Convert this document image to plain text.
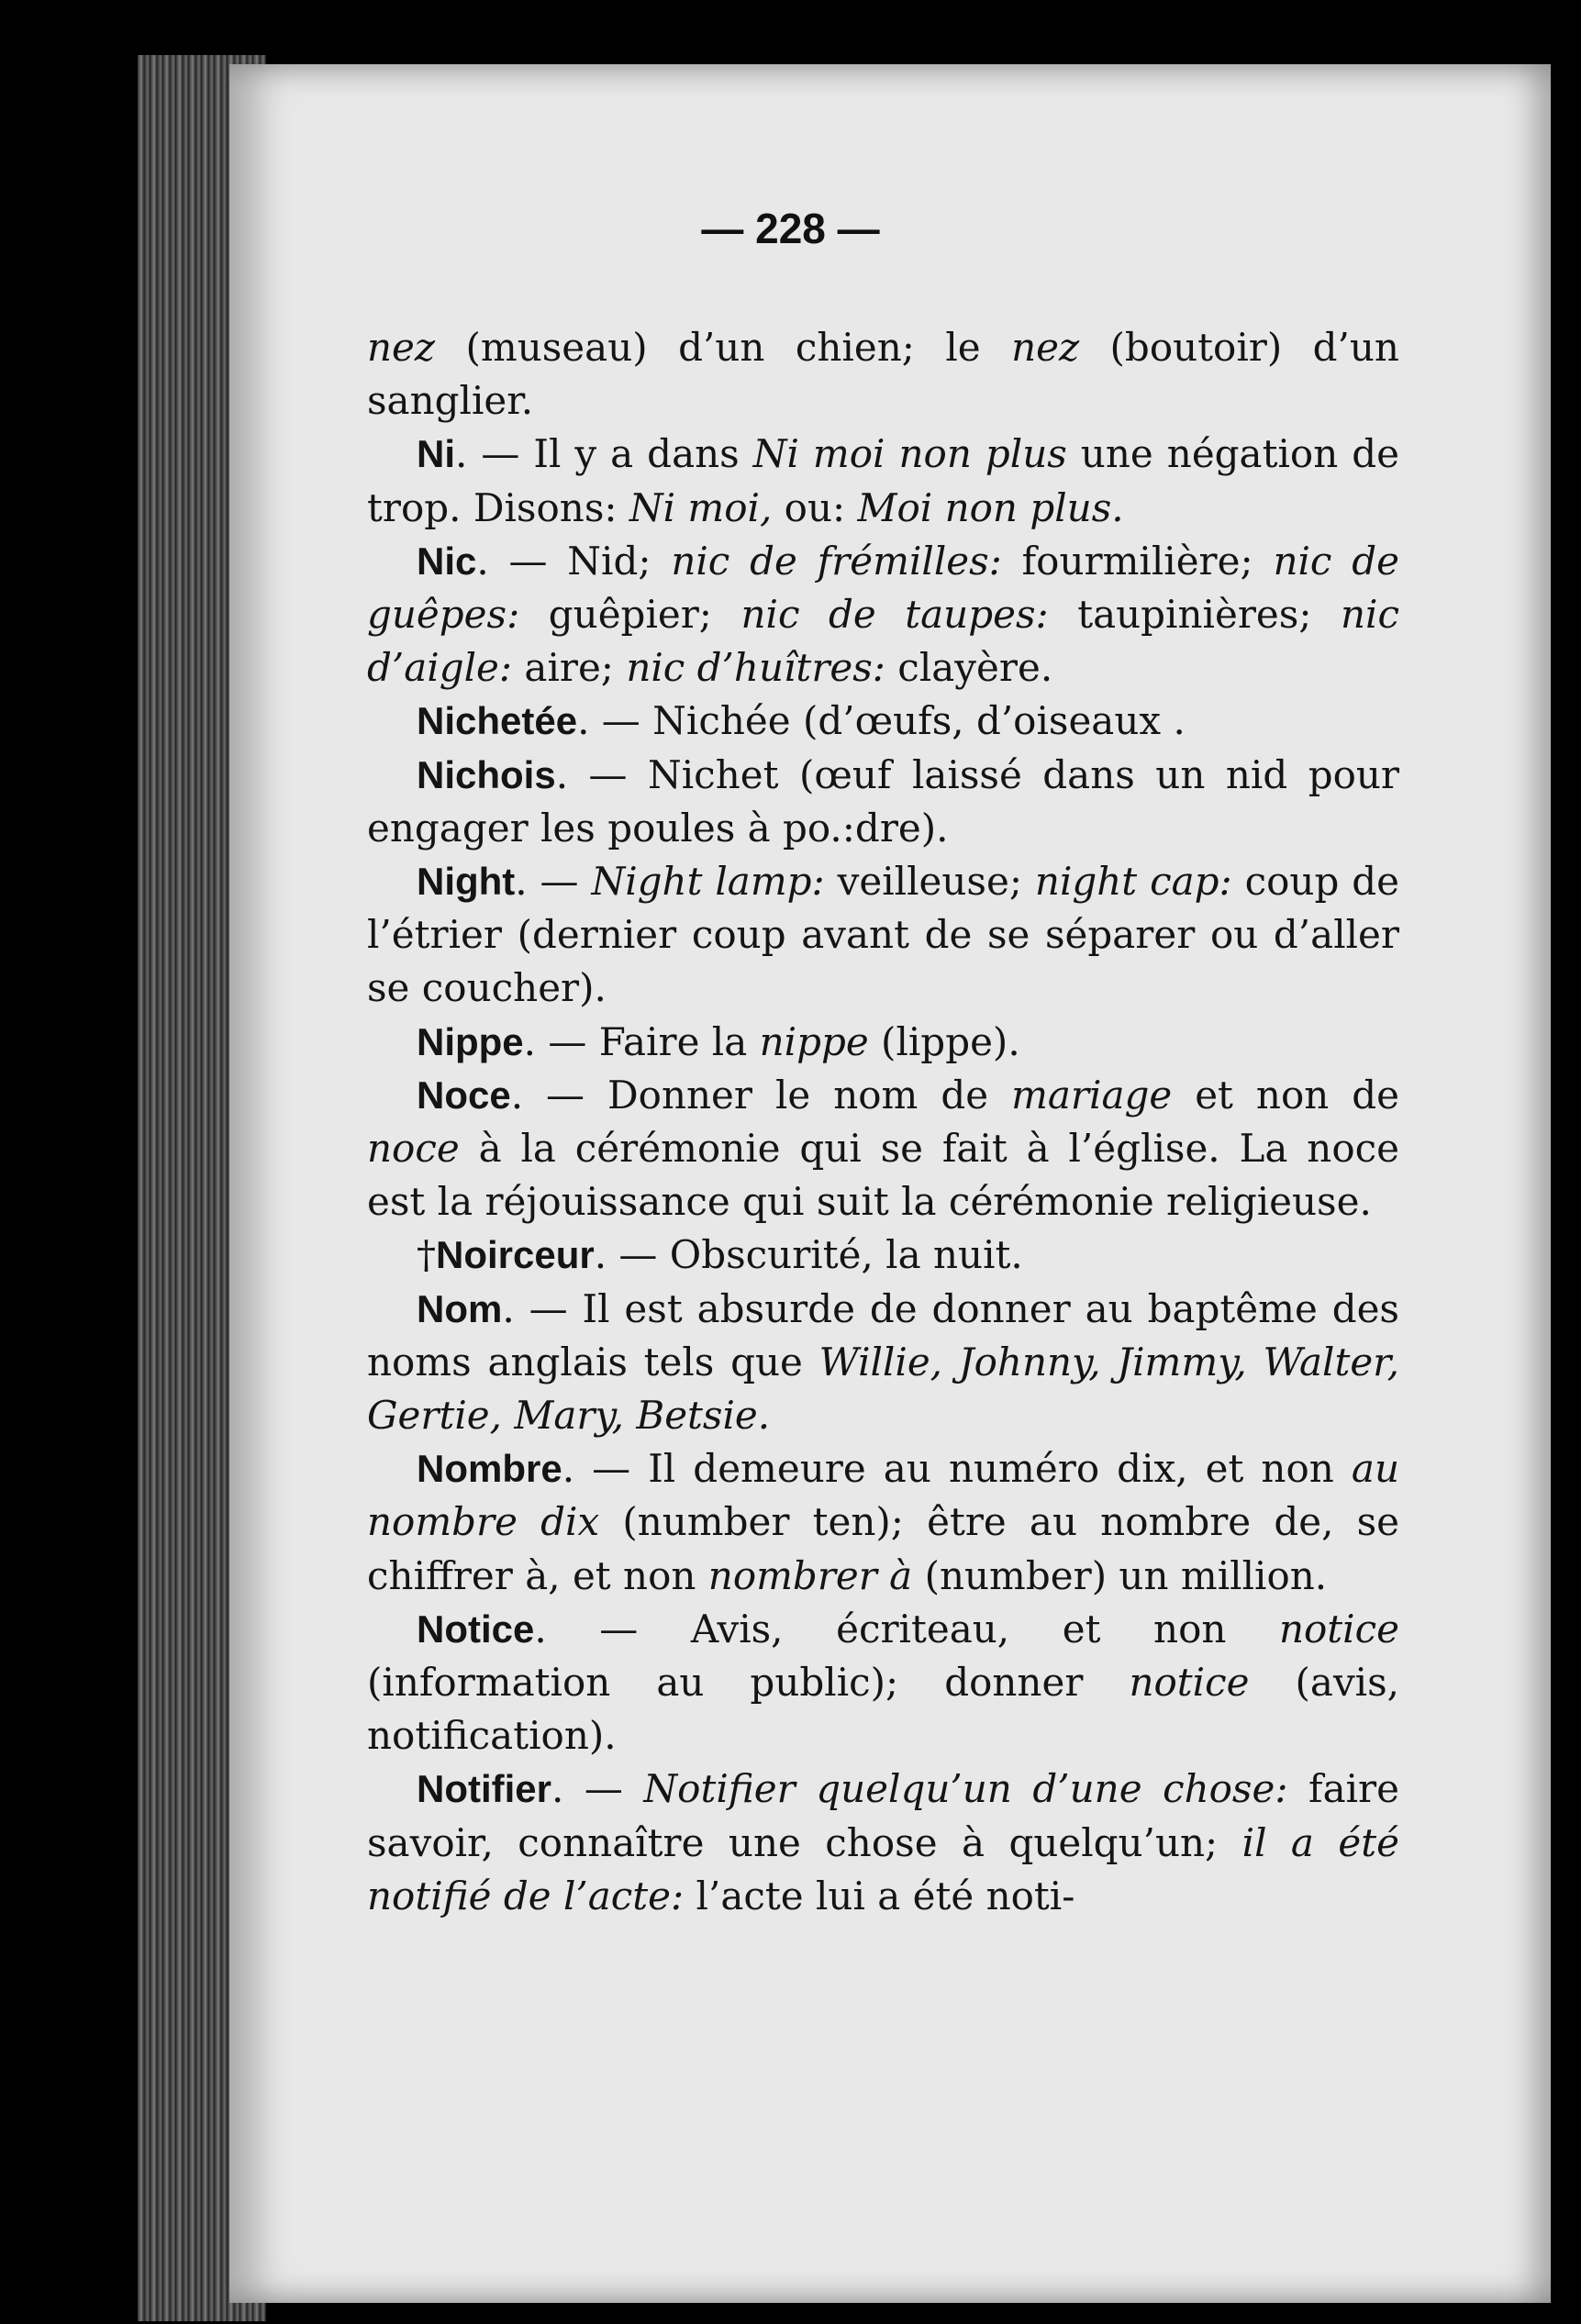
— 228 —

nez (museau) d’un chien; le nez (boutoir) d’un sanglier.

Ni. — Il y a dans Ni moi non plus une négation de trop. Disons: Ni moi, ou: Moi non plus.

Nic. — Nid; nic de frémilles: fourmilière; nic de guêpes: guêpier; nic de taupes: taupinières; nic d’aigle: aire; nic d’huîtres: clayère.

Nichetée. — Nichée (d’œufs, d’oiseaux .

Nichois. — Nichet (œuf laissé dans un nid pour engager les poules à po.:dre).

Night. — Night lamp: veilleuse; night cap: coup de l’étrier (dernier coup avant de se séparer ou d’aller se coucher).

Nippe. — Faire la nippe (lippe).

Noce. — Donner le nom de mariage et non de noce à la cérémonie qui se fait à l’église. La noce est la réjouissance qui suit la cérémonie religieuse.

†Noirceur. — Obscurité, la nuit.

Nom. — Il est absurde de donner au baptême des noms anglais tels que Willie, Johnny, Jimmy, Walter, Gertie, Mary, Betsie.

Nombre. — Il demeure au numéro dix, et non au nombre dix (number ten); être au nombre de, se chiffrer à, et non nombrer à (number) un million.

Notice. — Avis, écriteau, et non notice (information au public); donner notice (avis, notification).

Notifier. — Notifier quelqu’un d’une chose: faire savoir, connaître une chose à quelqu’un; il a été notifié de l’acte: l’acte lui a été noti-
